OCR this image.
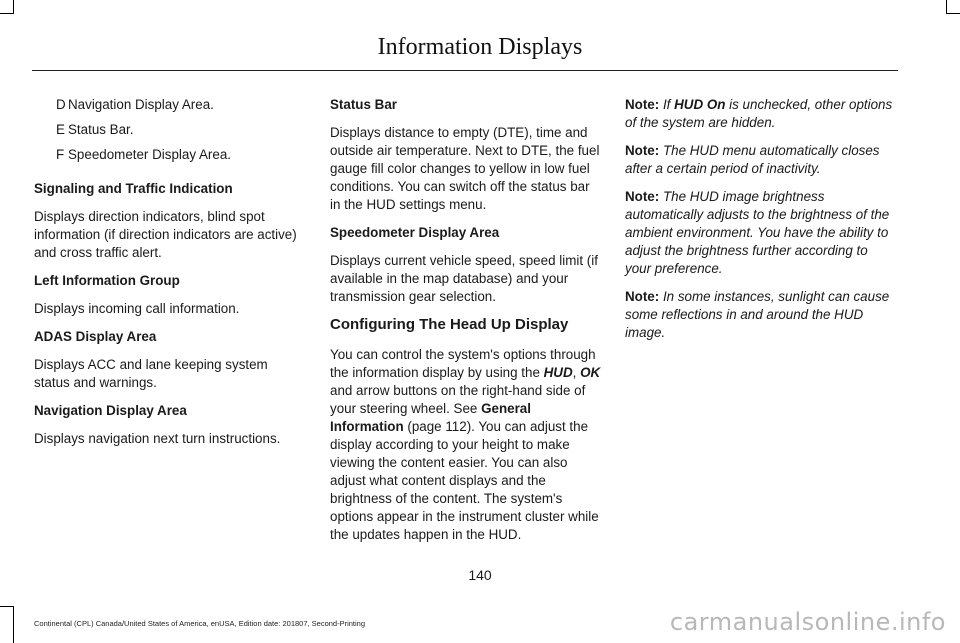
Information Displays
D Navigation Display Area.
E Status Bar.
F Speedometer Display Area.

Signaling and Traffic Indication

Displays direction indicators, blind spot information (if direction indicators are active) and cross traffic alert.

Left Information Group

Displays incoming call information.

ADAS Display Area

Displays ACC and lane keeping system status and warnings.

Navigation Display Area

Displays navigation next turn instructions.

Status Bar

Displays distance to empty (DTE), time and outside air temperature. Next to DTE, the fuel gauge fill color changes to yellow in low fuel conditions. You can switch off the status bar in the HUD settings menu.

Speedometer Display Area

Displays current vehicle speed, speed limit (if available in the map database) and your transmission gear selection.

Configuring The Head Up Display

You can control the system's options through the information display by using the HUD, OK and arrow buttons on the right-hand side of your steering wheel. See General Information (page 112). You can adjust the display according to your height to make viewing the content easier. You can also adjust what content displays and the brightness of the content. The system's options appear in the instrument cluster while the updates happen in the HUD.

Note: If HUD On is unchecked, other options of the system are hidden.

Note: The HUD menu automatically closes after a certain period of inactivity.

Note: The HUD image brightness automatically adjusts to the brightness of the ambient environment. You have the ability to adjust the brightness further according to your preference.

Note: In some instances, sunlight can cause some reflections in and around the HUD image.

140
Continental (CPL) Canada/United States of America, enUSA, Edition date: 201807, Second-Printing	carmanualsonline.info
